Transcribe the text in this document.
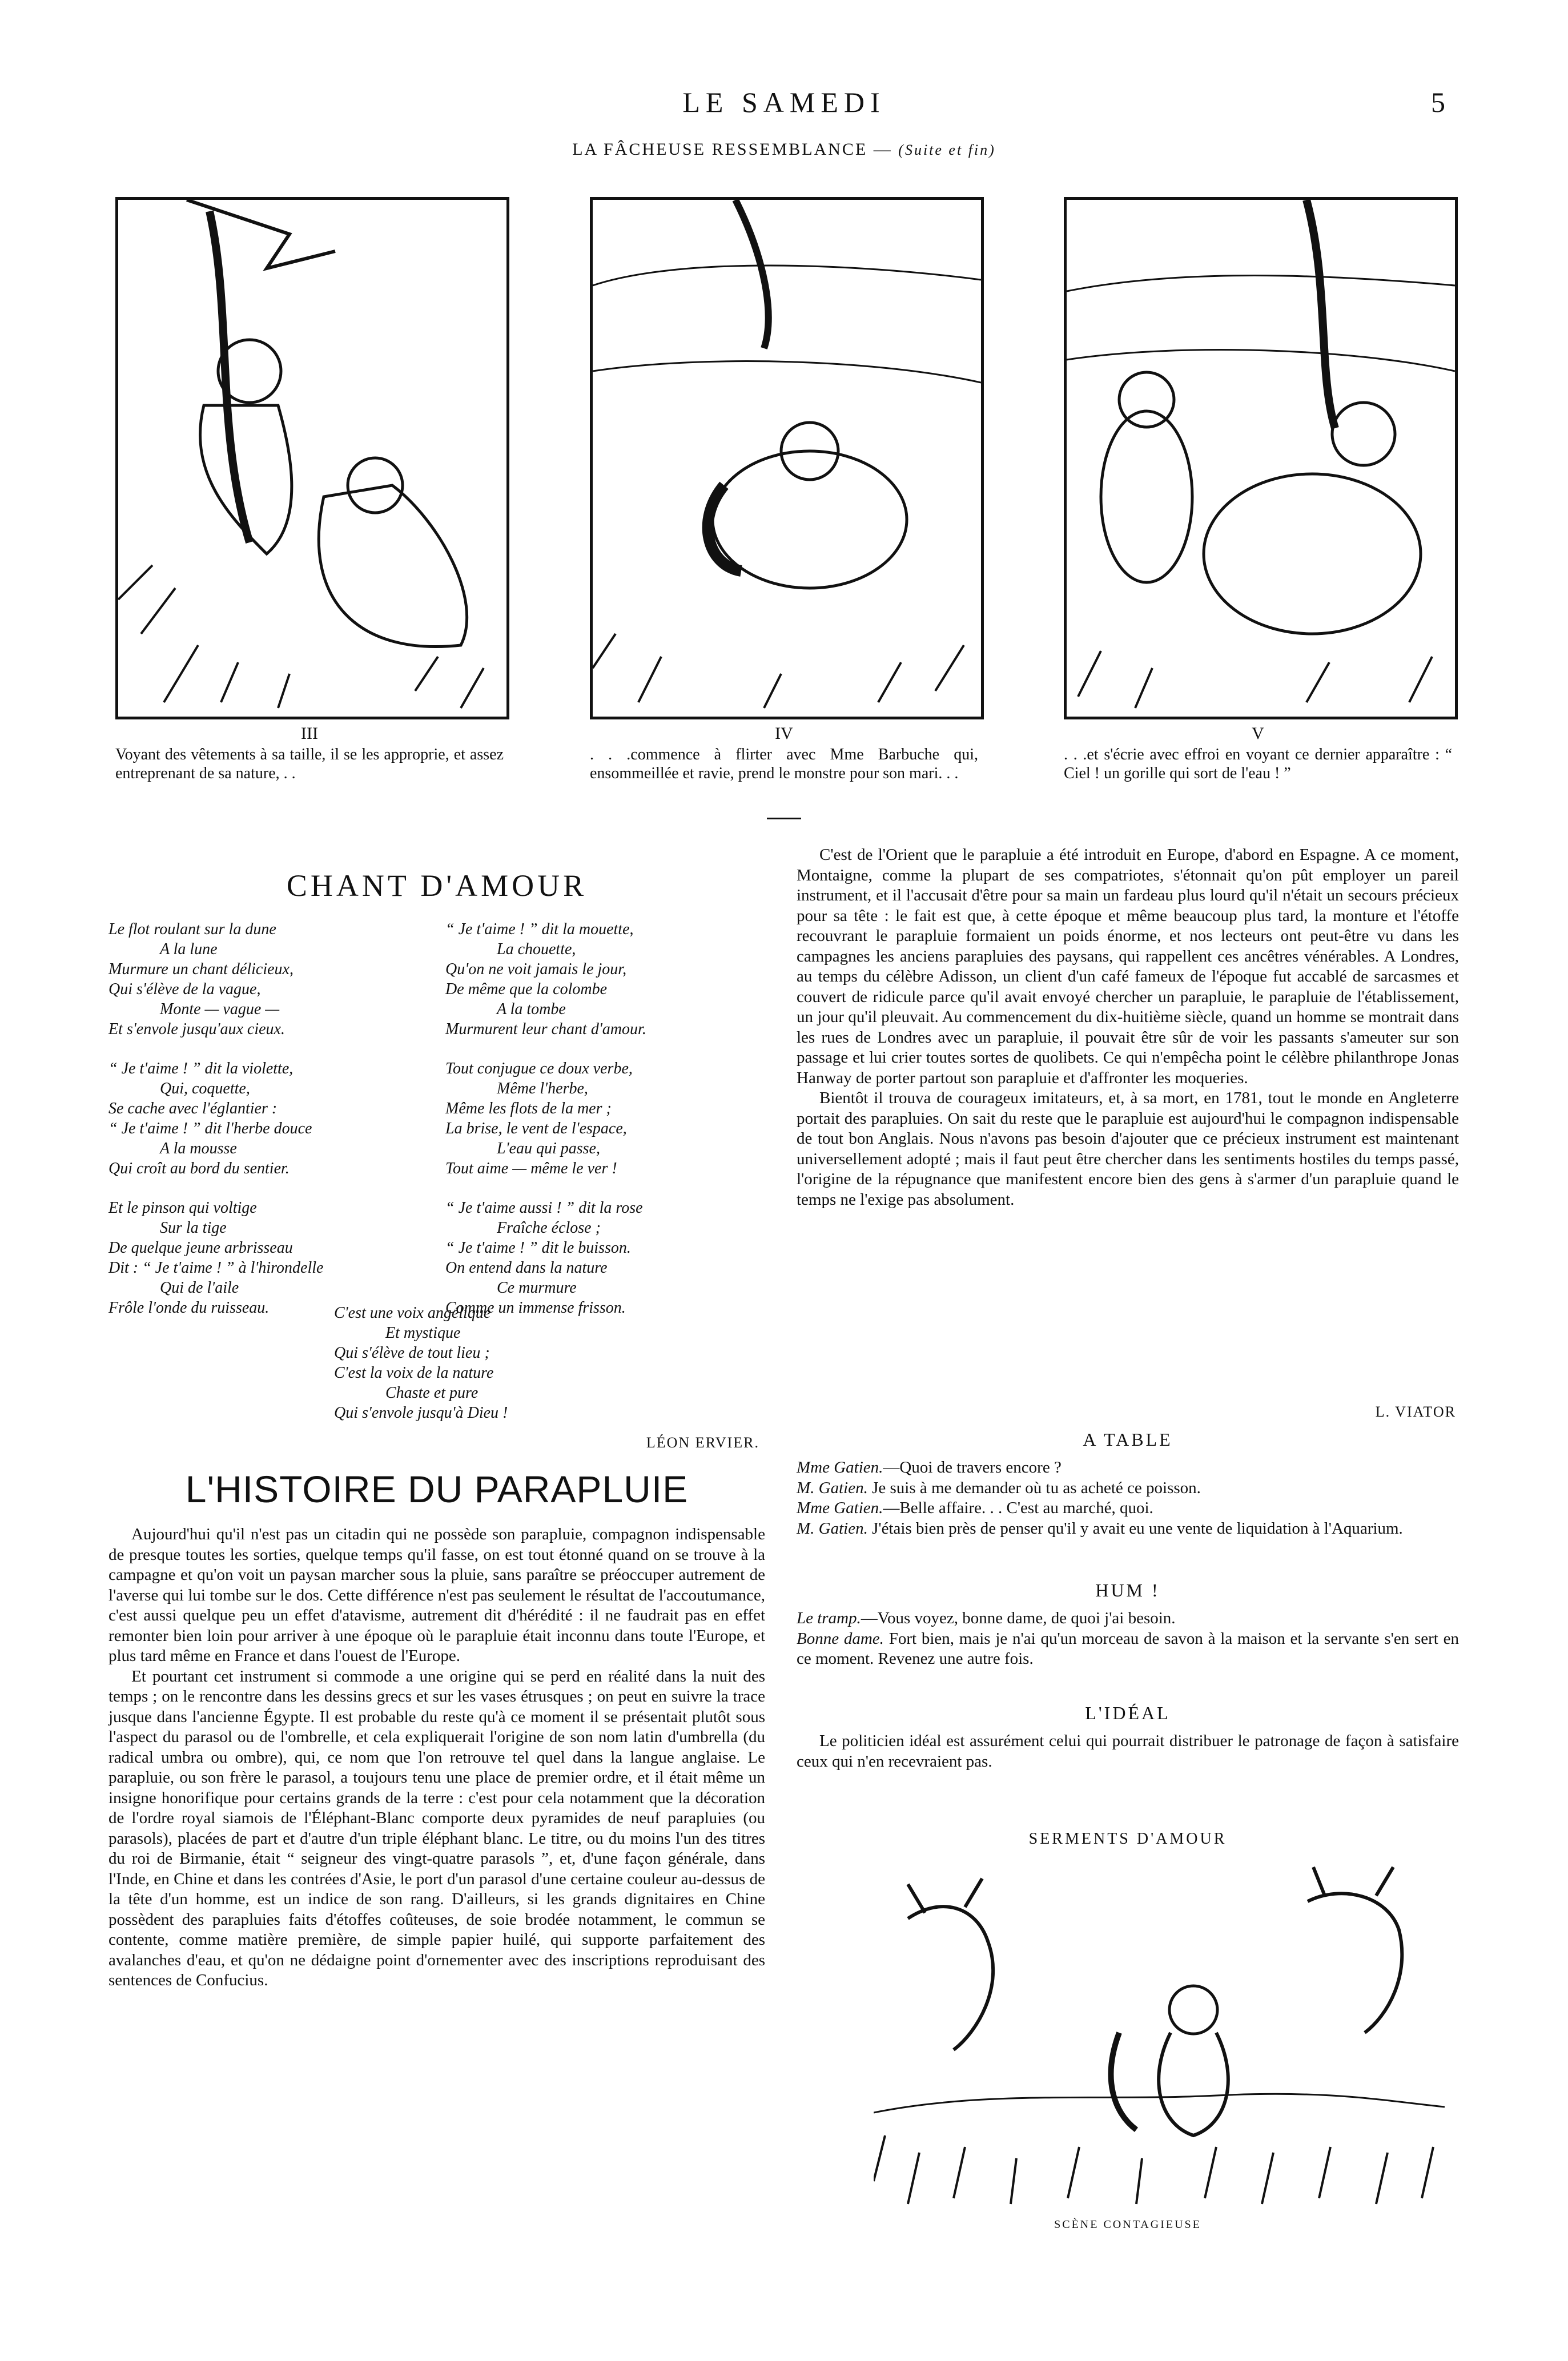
LE SAMEDI	5
LA FÂCHEUSE RESSEMBLANCE — (Suite et fin)
III
Voyant des vêtements à sa taille, il se les approprie, et assez entreprenant de sa nature, . .
IV
. . .commence à flirter avec Mme Barbuche qui, ensommeillée et ravie, prend le monstre pour son mari. . .
V
. . .et s'écrie avec effroi en voyant ce dernier apparaître : “ Ciel ! un gorille qui sort de l'eau ! ”
CHANT D'AMOUR
Le flot roulant sur la dune
A la lune
Murmure un chant délicieux,
Qui s'élève de la vague,
Monte — vague —
Et s'envole jusqu'aux cieux.
“ Je t'aime ! ” dit la violette,
Qui, coquette,
Se cache avec l'églantier :
“ Je t'aime ! ” dit l'herbe douce
A la mousse
Qui croît au bord du sentier.
Et le pinson qui voltige
Sur la tige
De quelque jeune arbrisseau
Dit : “ Je t'aime ! ” à l'hirondelle
Qui de l'aile
Frôle l'onde du ruisseau.
“ Je t'aime ! ” dit la mouette,
La chouette,
Qu'on ne voit jamais le jour,
De même que la colombe
A la tombe
Murmurent leur chant d'amour.
Tout conjugue ce doux verbe,
Même l'herbe,
Même les flots de la mer ;
La brise, le vent de l'espace,
L'eau qui passe,
Tout aime — même le ver !
“ Je t'aime aussi ! ” dit la rose
Fraîche éclose ;
“ Je t'aime ! ” dit le buisson.
On entend dans la nature
Ce murmure
Comme un immense frisson.
C'est une voix angélique
Et mystique
Qui s'élève de tout lieu ;
C'est la voix de la nature
Chaste et pure
Qui s'envole jusqu'à Dieu !
LÉON ERVIER.
L'HISTOIRE DU PARAPLUIE

Aujourd'hui qu'il n'est pas un citadin qui ne possède son parapluie, compagnon indispensable de presque toutes les sorties, quelque temps qu'il fasse, on est tout étonné quand on se trouve à la campagne et qu'on voit un paysan marcher sous la pluie, sans paraître se préoccuper autrement de l'averse qui lui tombe sur le dos. Cette différence n'est pas seulement le résultat de l'accoutumance, c'est aussi quelque peu un effet d'atavisme, autrement dit d'hérédité : il ne faudrait pas en effet remonter bien loin pour arriver à une époque où le parapluie était inconnu dans toute l'Europe, et plus tard même en France et dans l'ouest de l'Europe.

Et pourtant cet instrument si commode a une origine qui se perd en réalité dans la nuit des temps ; on le rencontre dans les dessins grecs et sur les vases étrusques ; on peut en suivre la trace jusque dans l'ancienne Égypte. Il est probable du reste qu'à ce moment il se présentait plutôt sous l'aspect du parasol ou de l'ombrelle, et cela expliquerait l'origine de son nom latin d'umbrella (du radical umbra ou ombre), qui, ce nom que l'on retrouve tel quel dans la langue anglaise. Le parapluie, ou son frère le parasol, a toujours tenu une place de premier ordre, et il était même un insigne honorifique pour certains grands de la terre : c'est pour cela notamment que la décoration de l'ordre royal siamois de l'Éléphant-Blanc comporte deux pyramides de neuf parapluies (ou parasols), placées de part et d'autre d'un triple éléphant blanc. Le titre, ou du moins l'un des titres du roi de Birmanie, était “ seigneur des vingt-quatre parasols ”, et, d'une façon générale, dans l'Inde, en Chine et dans les contrées d'Asie, le port d'un parasol d'une certaine couleur au-dessus de la tête d'un homme, est un indice de son rang. D'ailleurs, si les grands dignitaires en Chine possèdent des parapluies faits d'étoffes coûteuses, de soie brodée notamment, le commun se contente, comme matière première, de simple papier huilé, qui supporte parfaitement des avalanches d'eau, et qu'on ne dédaigne point d'ornementer avec des inscriptions reproduisant des sentences de Confucius.

C'est de l'Orient que le parapluie a été introduit en Europe, d'abord en Espagne. A ce moment, Montaigne, comme la plupart de ses compatriotes, s'étonnait qu'on pût employer un pareil instrument, et il l'accusait d'être pour sa main un fardeau plus lourd qu'il n'était un secours précieux pour sa tête : le fait est que, à cette époque et même beaucoup plus tard, la monture et l'étoffe recouvrant le parapluie formaient un poids énorme, et nos lecteurs ont peut-être vu dans les campagnes les anciens parapluies des paysans, qui rappellent ces ancêtres vénérables. A Londres, au temps du célèbre Adisson, un client d'un café fameux de l'époque fut accablé de sarcasmes et couvert de ridicule parce qu'il avait envoyé chercher un parapluie, le parapluie de l'établissement, un jour qu'il pleuvait. Au commencement du dix-huitième siècle, quand un homme se montrait dans les rues de Londres avec un parapluie, il pouvait être sûr de voir les passants s'ameuter sur son passage et lui crier toutes sortes de quolibets. Ce qui n'empêcha point le célèbre philanthrope Jonas Hanway de porter partout son parapluie et d'affronter les moqueries.

Bientôt il trouva de courageux imitateurs, et, à sa mort, en 1781, tout le monde en Angleterre portait des parapluies. On sait du reste que le parapluie est aujourd'hui le compagnon indispensable de tout bon Anglais. Nous n'avons pas besoin d'ajouter que ce précieux instrument est maintenant universellement adopté ; mais il faut peut être chercher dans les sentiments hostiles du temps passé, l'origine de la répugnance que manifestent encore bien des gens à s'armer d'un parapluie quand le temps ne l'exige pas absolument.

L. VIATOR
A TABLE

Mme Gatien.—Quoi de travers encore ?

M. Gatien. Je suis à me demander où tu as acheté ce poisson.

Mme Gatien.—Belle affaire. . . C'est au marché, quoi.

M. Gatien. J'étais bien près de penser qu'il y avait eu une vente de liquidation à l'Aquarium.

HUM !

Le tramp.—Vous voyez, bonne dame, de quoi j'ai besoin.

Bonne dame. Fort bien, mais je n'ai qu'un morceau de savon à la maison et la servante s'en sert en ce moment. Revenez une autre fois.

L'IDÉAL

Le politicien idéal est assurément celui qui pourrait distribuer le patronage de façon à satisfaire ceux qui n'en recevraient pas.

SERMENTS D'AMOUR
SCÈNE CONTAGIEUSE
